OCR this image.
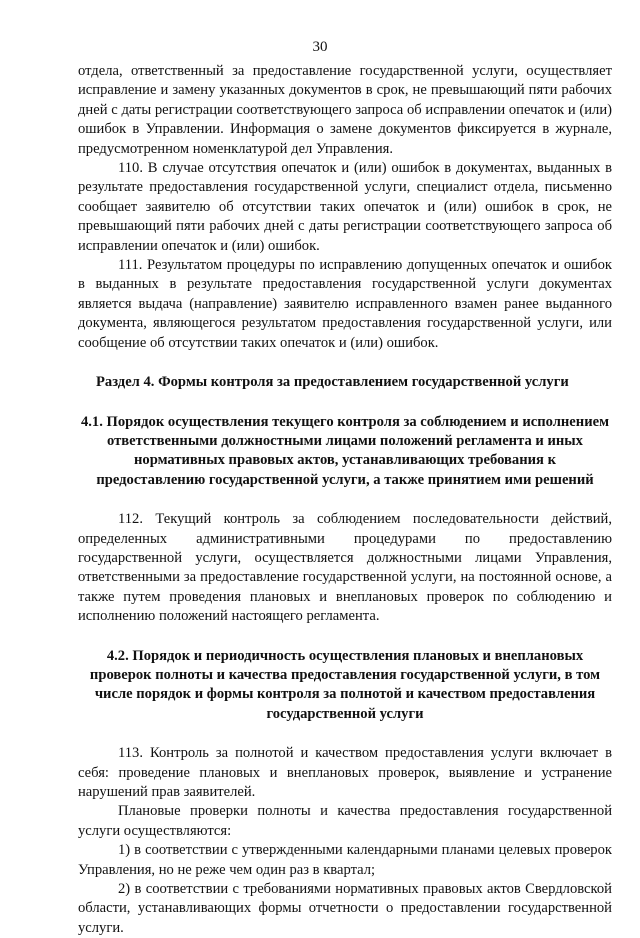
30

отдела, ответственный за предоставление государственной услуги, осуществляет исправление и замену указанных документов в срок, не превышающий пяти рабочих дней с даты регистрации соответствующего запроса об исправлении опечаток и (или) ошибок в Управлении. Информация о замене документов фиксируется в журнале, предусмотренном номенклатурой дел Управления.

110. В случае отсутствия опечаток и (или) ошибок в документах, выданных в результате предоставления государственной услуги, специалист отдела, письменно сообщает заявителю об отсутствии таких опечаток и (или) ошибок в срок, не превышающий пяти рабочих дней с даты регистрации соответствующего запроса об исправлении опечаток и (или) ошибок.

111. Результатом процедуры по исправлению допущенных опечаток и ошибок в выданных в результате предоставления государственной услуги документах является выдача (направление) заявителю исправленного взамен ранее выданного документа, являющегося результатом предоставления государственной услуги, или сообщение об отсутствии таких опечаток и (или) ошибок.

Раздел 4. Формы контроля за предоставлением государственной услуги

4.1. Порядок осуществления текущего контроля за соблюдением и исполнением ответственными должностными лицами положений регламента и иных нормативных правовых актов, устанавливающих требования к предоставлению государственной услуги, а также принятием ими решений

112. Текущий контроль за соблюдением последовательности действий, определенных административными процедурами по предоставлению государственной услуги, осуществляется должностными лицами Управления, ответственными за предоставление государственной услуги, на постоянной основе, а также путем проведения плановых и внеплановых проверок по соблюдению и исполнению положений настоящего регламента.

4.2. Порядок и периодичность осуществления плановых и внеплановых проверок полноты и качества предоставления государственной услуги, в том числе порядок и формы контроля за полнотой и качеством предоставления государственной услуги

113. Контроль за полнотой и качеством предоставления услуги включает в себя: проведение плановых и внеплановых проверок, выявление и устранение нарушений прав заявителей.

Плановые проверки полноты и качества предоставления государственной услуги осуществляются:

1) в соответствии с утвержденными календарными планами целевых проверок Управления, но не реже чем один раз в квартал;

2) в соответствии с требованиями нормативных правовых актов Свердловской области, устанавливающих формы отчетности о предоставлении государственной услуги.
